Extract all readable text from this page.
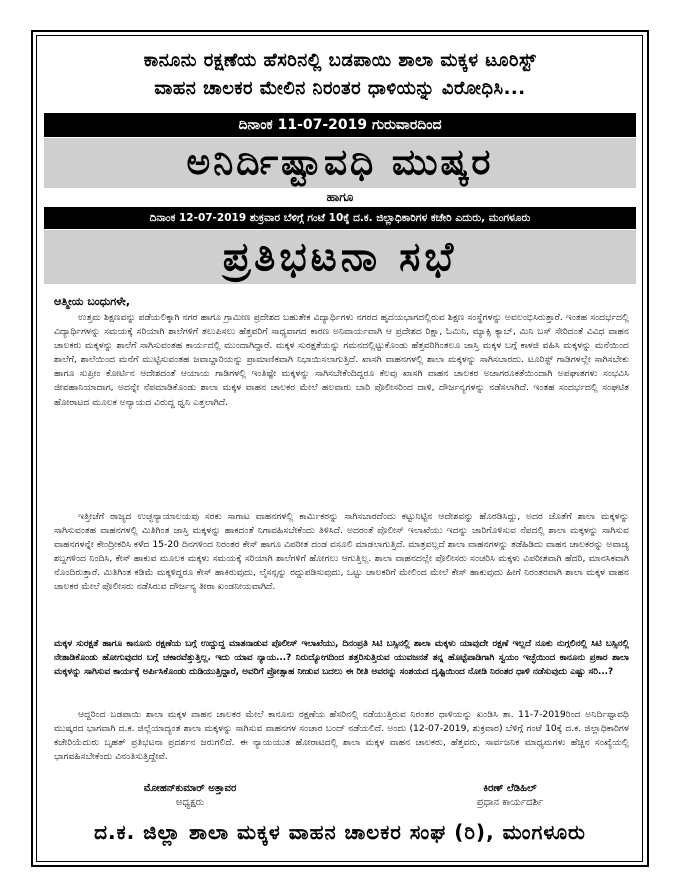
ಕಾನೂನು ರಕ್ಷಣೆಯ ಹೆಸರಿನಲ್ಲಿ ಬಡಪಾಯಿ ಶಾಲಾ ಮಕ್ಕಳ ಟೂರಿಸ್ಟ್
ವಾಹನ ಚಾಲಕರ ಮೇಲಿನ ನಿರಂತರ ಧಾಳಿಯನ್ನು ವಿರೋಧಿಸಿ...
ದಿನಾಂಕ 11-07-2019 ಗುರುವಾರದಿಂದ
ಅನಿರ್ದಿಷ್ಟಾವಧಿ ಮುಷ್ಕರ
ಹಾಗೂ
ದಿನಾಂಕ 12-07-2019 ಶುಕ್ರವಾರ ಬೆಳಿಗ್ಗೆ ಗಂಟೆ 10ಕ್ಕೆ ದ.ಕ. ಜಿಲ್ಲಾಧಿಕಾರಿಗಳ ಕಚೇರಿ ಎದುರು, ಮಂಗಳೂರು
ಪ್ರತಿಭಟನಾ ಸಭೆ
ಆತ್ಮೀಯ ಬಂಧುಗಳೇ,

ಉತ್ತಮ ಶಿಕ್ಷಣವನ್ನು ಪಡೆಯಲಿಕ್ಕಾಗಿ ನಗರ ಹಾಗೂ ಗ್ರಾಮೀಣ ಪ್ರದೇಶದ ಬಹುತೇಕ ವಿದ್ಯಾರ್ಥಿಗಳು ನಗರದ ಹೃದಯಭಾಗದಲ್ಲಿರುವ ಶಿಕ್ಷಣ ಸಂಸ್ಥೆಗಳನ್ನು ಅವಲಂಭಿಸಿರುತ್ತಾರೆ. ಇಂತಹ ಸಂದರ್ಭದಲ್ಲಿ ವಿದ್ಯಾರ್ಥಿಗಳನ್ನು ಸಮಯಕ್ಕೆ ಸರಿಯಾಗಿ ಶಾಲೆಗಳಿಗೆ ತಲುಪಿಸಲು ಹೆತ್ತವರಿಗೆ ಸಾಧ್ಯವಾಗದ ಕಾರಣ ಅನಿವಾರ್ಯವಾಗಿ ಆ ಪ್ರದೇಶದ ರಿಕ್ಷಾ, ಓಮಿನಿ, ಮ್ಯಾಕ್ಸಿ ಕ್ಯಾಬ್, ಮಿನಿ ಬಸ್ ಸೇರಿದಂತೆ ವಿವಿಧ ವಾಹನ ಚಾಲಕರು ಮಕ್ಕಳನ್ನು ಶಾಲೆಗೆ ಸಾಗಿಸುವಂತಹ ಕಾರ್ಯದಲ್ಲಿ ಮುಂದಾಗಿದ್ದಾರೆ. ಮಕ್ಕಳ ಸುರಕ್ಷತೆಯನ್ನು ಗಮನದಲ್ಲಿಟ್ಟುಕೊಂಡು ಹೆತ್ತವರಿಗಿಂತಲೂ ಜಾಸ್ತಿ ಮಕ್ಕಳ ಬಗ್ಗೆ ಕಾಳಜಿ ವಹಿಸಿ ಮಕ್ಕಳನ್ನು ಮನೆಯಿಂದ ಶಾಲೆಗೆ, ಶಾಲೆಯಿಂದ ಮನೆಗೆ ಮುಟ್ಟಿಸುವಂತಹ ಜವಾಬ್ದಾರಿಯನ್ನು ಪ್ರಾಮಾಣಿಕವಾಗಿ ನಿಭಾಯಿಸಲಾಗುತ್ತಿದೆ. ಖಾಸಗಿ ವಾಹನಗಳಲ್ಲಿ ಶಾಲಾ ಮಕ್ಕಳನ್ನು ಸಾಗಿಸಬಾರದು. ಟೂರಿಸ್ಟ್ ಗಾಡಿಗಳಲ್ಲೇ ಸಾಗಿಸಬೇಕು ಹಾಗೂ ಸುಪ್ರೀಂ ಕೋರ್ಟಿನ ಆದೇಶದಂತೆ ಆಯಾಯ ಗಾಡಿಗಳಲ್ಲಿ ಇಂತಿಷ್ಟೇ ಮಕ್ಕಳನ್ನು ಸಾಗಿಸಬೇಕೆಂದಿದ್ದರೂ ಕೆಲವು ಖಾಸಗಿ ವಾಹನ ಚಾಲಕರ ಅಜಾಗರೂಕತೆಯಿಂದಾಗಿ ಅಪಘಾತಗಳು ಸಂಭವಿಸಿ ಜೀವಹಾನಿಯಾದಾಗ, ಅದನ್ನೇ ನೆಪಮಾಡಿಕೊಂಡು ಶಾಲಾ ಮಕ್ಕಳ ವಾಹನ ಚಾಲಕರ ಮೇಲೆ ಹಲವಾರು ಬಾರಿ ಪೊಲೀಸರಿಂದ ದಾಳಿ, ದೌರ್ಜನ್ಯಗಳನ್ನು ನಡೆಸಲಾಗಿದೆ. ಇಂತಹ ಸಂದರ್ಭದಲ್ಲಿ ಸಂಘಟಿತ ಹೋರಾಟದ ಮೂಲಕ ಅನ್ಯಾಯದ ವಿರುದ್ಧ ಧ್ವನಿ ಎತ್ತಲಾಗಿದೆ.

ಇತ್ತೀಚೆಗೆ ರಾಜ್ಯದ ಉಚ್ಛನ್ಯಾಯಾಲಯವು ಸರಕು ಸಾಗಾಟ ವಾಹನಗಳಲ್ಲಿ ಕಾರ್ಮಿಕರನ್ನು ಸಾಗಿಸಬಾರದೆಂದು ಕಟ್ಟುನಿಟ್ಟಿನ ಆದೇಶವನ್ನು ಹೊರಡಿಸಿದ್ದು, ಅದರ ಜೊತೆಗೆ ಶಾಲಾ ಮಕ್ಕಳನ್ನು ಸಾಗಿಸುವಂತಹ ವಾಹನಗಳಲ್ಲಿ ಮಿತಿಗಿಂತ ಜಾಸ್ತಿ ಮಕ್ಕಳನ್ನು ಹಾಕದಂತೆ ನಿಗಾವಹಿಸಬೇಕೆಂದು ತಿಳಿಸಿದೆ. ಅದರಂತೆ ಪೊಲೀಸ್ ಇಲಾಖೆಯು ಇದನ್ನು ಜಾರಿಗೊಳಿಸುವ ನೆಪದಲ್ಲಿ ಶಾಲಾ ಮಕ್ಕಳನ್ನು ಸಾಗಿಸುವ ವಾಹನಗಳನ್ನೇ ಕೇಂದ್ರೀಕರಿಸಿ ಕಳೆದ 15-20 ದಿನಗಳಿಂದ ನಿರಂತರ ಕೇಸ್ ಹಾಗೂ ವಿಪರೀತ ದಂಡ ವಸೂಲಿ ಮಾಡಲಾಗುತ್ತಿದೆ. ಮಾತ್ರವಲ್ಲದೆ ಶಾಲಾ ವಾಹನಗಳನ್ನು ತಡೆಹಿಡಿದು ವಾಹನ ಚಾಲಕರನ್ನು ಅವಾಚ್ಯ ಶಬ್ದಗಳಿಂದ ನಿಂದಿಸಿ, ಕೇಸ್ ಹಾಕುವ ಮೂಲಕ ಮಕ್ಕಳು ಸಮಯಕ್ಕೆ ಸರಿಯಾಗಿ ಶಾಲೆಗಳಿಗೆ ಹೋಗಲು ಆಗುತ್ತಿಲ್ಲ. ಶಾಲಾ ವಾಹನದಲ್ಲೇ ಪೊಲೀಸರು ಸಂಚರಿಸಿ ಮಕ್ಕಳು ವಿಪರೀತವಾಗಿ ಹೆದರಿ, ಮಾನಸಿಕವಾಗಿ ನೊಂದಿರುತ್ತಾರೆ. ಮಿತಿಗಿಂತ ಕಡಿಮೆ ಮಕ್ಕಳಿದ್ದರೂ ಕೇಸ್ ಹಾಕಿರುವುದು, ಲೈಸನ್ಸನ್ನು ರದ್ದುಪಡಿಸುವುದು, ಒಟ್ಟು ಚಾಲಕರಿಗೆ ಮೇಲಿಂದ ಮೇಲೆ ಕೇಸ್ ಹಾಕುವುದು ಹೀಗೆ ನಿರಂತರವಾಗಿ ಶಾಲಾ ಮಕ್ಕಳ ವಾಹನ ಚಾಲಕರ ಮೇಲೆ ಪೊಲೀಸರು ನಡೆಸಿರುವ ದೌರ್ಜನ್ಯ ತೀರಾ ಖಂಡನೀಯವಾಗಿದೆ.

ಮಕ್ಕಳ ಸುರಕ್ಷತೆ ಹಾಗೂ ಕಾನೂನು ರಕ್ಷಣೆಯ ಬಗ್ಗೆ ಉದ್ದುದ್ದ ಮಾತನಾಡುವ ಪೊಲೀಸ್ ಇಲಾಖೆಯು, ದಿನಂಪ್ರತಿ ಸಿಟಿ ಬಸ್ಸಿನಲ್ಲಿ ಶಾಲಾ ಮಕ್ಕಳು ಯಾವುದೇ ರಕ್ಷಣೆ ಇಲ್ಲದೆ ನೂಕು ನುಗ್ಗಲಿನಲ್ಲಿ ಸಿಟಿ ಬಸ್ಸಿನಲ್ಲಿ ನೇತಾಡಿಕೊಂಡು ಹೋಗುವುದರ ಬಗ್ಗೆ ಚಕಾರವೆತ್ತುತ್ತಿಲ್ಲ. ಇದು ಯಾವ ನ್ಯಾಯ...? ನಿರುದ್ಯೋಗದಿಂದ ತತ್ತರಿಸುತ್ತಿರುವ ಯುವಜನತೆ ತನ್ನ ಹೊಟ್ಟೆಪಾಡಿಗಾಗಿ ಸ್ವಯಂ ಇಚ್ಛೆಯಿಂದ ಕಾನೂನು ಪ್ರಕಾರ ಶಾಲಾ ಮಕ್ಕಳನ್ನು ಸಾಗಿಸುವ ಕಾರ್ಯಕ್ಕೆ ಅರ್ಪಿಸಿಕೊಂಡು ದುಡಿಯುತ್ತಿದ್ದಾರೆ, ಅವರಿಗೆ ಪ್ರೋತ್ಸಾಹ ನೀಡುವ ಬದಲು ಈ ರೀತಿ ಅವರನ್ನು ಸಂಶಯದ ದೃಷ್ಟಿಯಿಂದ ನೋಡಿ ನಿರಂತರ ಧಾಳಿ ನಡೆಸುವುದು ಎಷ್ಟು ಸರಿ...?

ಆದ್ದರಿಂದ ಬಡಪಾಯಿ ಶಾಲಾ ಮಕ್ಕಳ ವಾಹನ ಚಾಲಕರ ಮೇಲೆ ಕಾನೂನು ರಕ್ಷಣೆಯ ಹೆಸರಿನಲ್ಲಿ ನಡೆಯುತ್ತಿರುವ ನಿರಂತರ ಧಾಳಿಯನ್ನು ಖಂಡಿಸಿ ತಾ. 11-7-2019ರಿಂದ ಅನಿರ್ದಿಷ್ಟಾವಧಿ ಮುಷ್ಕರದ ಭಾಗವಾಗಿ ದ.ಕ. ಜಿಲ್ಲೆಯಾದ್ಯಂತ ಶಾಲಾ ಮಕ್ಕಳನ್ನು ಸಾಗಿಸುವ ವಾಹನಗಳ ಸಂಚಾರ ಬಂದ್ ನಡೆಯಲಿದೆ. ಅಂದು (12-07-2019, ಶುಕ್ರವಾರ) ಬೆಳಿಗ್ಗೆ ಗಂಟೆ 10ಕ್ಕೆ ದ.ಕ. ಜಿಲ್ಲಾಧಿಕಾರಿಗಳ ಕಚೇರಿಯೆದುರು ಬೃಹತ್ ಪ್ರತಿಭಟನಾ ಪ್ರದರ್ಶನ ಜರುಗಲಿದೆ. ಈ ನ್ಯಾಯಯುತ ಹೋರಾಟದಲ್ಲಿ ಶಾಲಾ ಮಕ್ಕಳ ವಾಹನ ಚಾಲಕರು, ಹೆತ್ತವರು, ಸಾರ್ವಜನಿಕ ಮಾಧ್ಯಮಗಳು ಹೆಚ್ಚಿನ ಸಂಖ್ಯೆಯಲ್ಲಿ ಭಾಗವಹಿಸಬೇಕೆಂದು ವಿನಂತಿಸುತ್ತಿದ್ದೇವೆ.

ಮೋಹನ್‌ಕುಮಾರ್ ಅತ್ತಾವರ
ಅಧ್ಯಕ್ಷರು
ಕಿರಣ್ ಲೆಡಿಹಿಲ್
ಪ್ರಧಾನ ಕಾರ್ಯದರ್ಶಿ
ದ.ಕ. ಜಿಲ್ಲಾ ಶಾಲಾ ಮಕ್ಕಳ ವಾಹನ ಚಾಲಕರ ಸಂಘ (ರಿ), ಮಂಗಳೂರು
